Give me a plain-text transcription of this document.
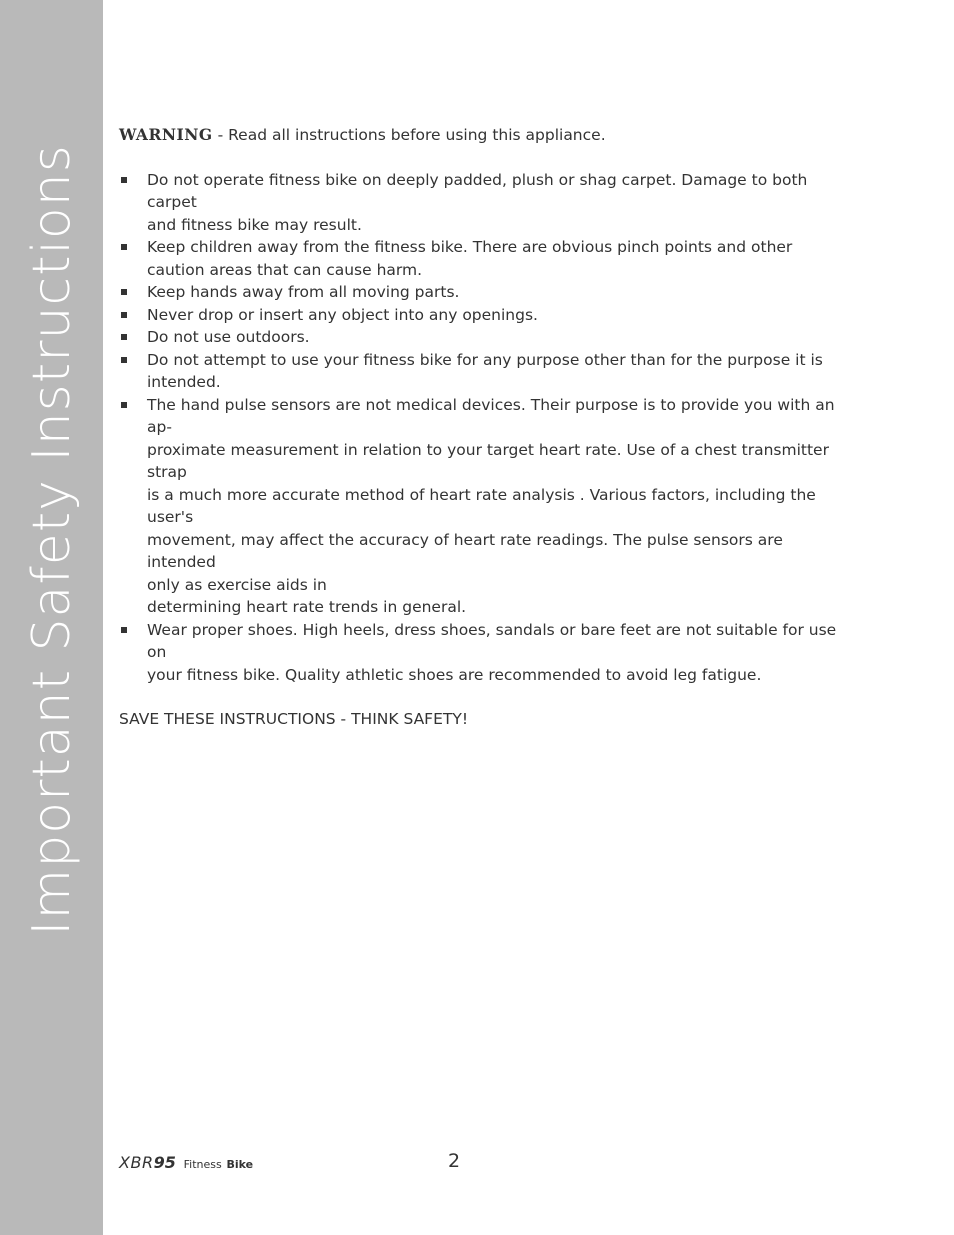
Important Safety Instructions

WARNING - Read all instructions before using this appliance.

Do not operate fitness bike on deeply padded, plush or shag carpet. Damage to both carpet
and fitness bike may result.
Keep children away from the fitness bike. There are obvious pinch points and other
caution areas that can cause harm.
Keep hands away from all moving parts.
Never drop or insert any object into any openings.
Do not use outdoors.
Do not attempt to use your fitness bike for any purpose other than for the purpose it is
intended.
The hand pulse sensors are not medical devices. Their purpose is to provide you with an ap-
proximate measurement in relation to your target heart rate. Use of a chest transmitter strap
is a much more accurate method of heart rate analysis . Various factors, including the user's
movement, may affect the accuracy of heart rate readings. The pulse sensors are intended
only as exercise aids in
determining heart rate trends in general.
Wear proper shoes. High heels, dress shoes, sandals or bare feet are not suitable for use on
your fitness bike. Quality athletic shoes are recommended to avoid leg fatigue.

SAVE THESE INSTRUCTIONS - THINK SAFETY!

XBR95 Fitness Bike	2
